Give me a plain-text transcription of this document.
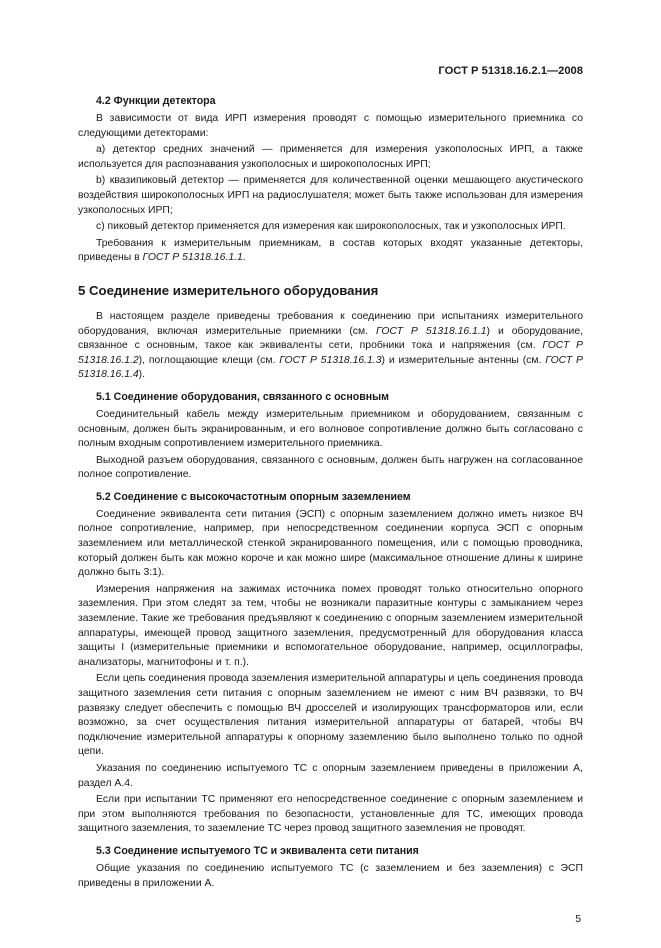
ГОСТ Р 51318.16.2.1—2008
4.2 Функции детектора

В зависимости от вида ИРП измерения проводят с помощью измерительного приемника со следующими детекторами:

а) детектор средних значений — применяется для измерения узкополосных ИРП, а также используется для распознавания узкополосных и широкополосных ИРП;

b) квазипиковый детектор — применяется для количественной оценки мешающего акустического воздействия широкополосных ИРП на радиослушателя; может быть также использован для измерения узкополосных ИРП;

с) пиковый детектор применяется для измерения как широкополосных, так и узкополосных ИРП.

Требования к измерительным приемникам, в состав которых входят указанные детекторы, приведены в ГОСТ Р 51318.16.1.1.

5 Соединение измерительного оборудования

В настоящем разделе приведены требования к соединению при испытаниях измерительного оборудования, включая измерительные приемники (см. ГОСТ Р 51318.16.1.1) и оборудование, связанное с основным, такое как эквиваленты сети, пробники тока и напряжения (см. ГОСТ Р 51318.16.1.2), поглощающие клещи (см. ГОСТ Р 51318.16.1.3) и измерительные антенны (см. ГОСТ Р 51318.16.1.4).

5.1 Соединение оборудования, связанного с основным

Соединительный кабель между измерительным приемником и оборудованием, связанным с основным, должен быть экранированным, и его волновое сопротивление должно быть согласовано с полным входным сопротивлением измерительного приемника.

Выходной разъем оборудования, связанного с основным, должен быть нагружен на согласованное полное сопротивление.

5.2 Соединение с высокочастотным опорным заземлением

Соединение эквивалента сети питания (ЭСП) с опорным заземлением должно иметь низкое ВЧ полное сопротивление, например, при непосредственном соединении корпуса ЭСП с опорным заземлением или металлической стенкой экранированного помещения, или с помощью проводника, который должен быть как можно короче и как можно шире (максимальное отношение длины к ширине должно быть 3:1).

Измерения напряжения на зажимах источника помех проводят только относительно опорного заземления. При этом следят за тем, чтобы не возникали паразитные контуры с замыканием через заземление. Такие же требования предъявляют к соединению с опорным заземлением измерительной аппаратуры, имеющей провод защитного заземления, предусмотренный для оборудования класса защиты I (измерительные приемники и вспомогательное оборудование, например, осциллографы, анализаторы, магнитофоны и т. п.).

Если цепь соединения провода заземления измерительной аппаратуры и цепь соединения провода защитного заземления сети питания с опорным заземлением не имеют с ним ВЧ развязки, то ВЧ развязку следует обеспечить с помощью ВЧ дросселей и изолирующих трансформаторов или, если возможно, за счет осуществления питания измерительной аппаратуры от батарей, чтобы ВЧ подключение измерительной аппаратуры к опорному заземлению было выполнено только по одной цепи.

Указания по соединению испытуемого ТС с опорным заземлением приведены в приложении А, раздел А.4.

Если при испытании ТС применяют его непосредственное соединение с опорным заземлением и при этом выполняются требования по безопасности, установленные для ТС, имеющих провода защитного заземления, то заземление ТС через провод защитного заземления не проводят.

5.3 Соединение испытуемого ТС и эквивалента сети питания

Общие указания по соединению испытуемого ТС (с заземлением и без заземления) с ЭСП приведены в приложении А.

5
